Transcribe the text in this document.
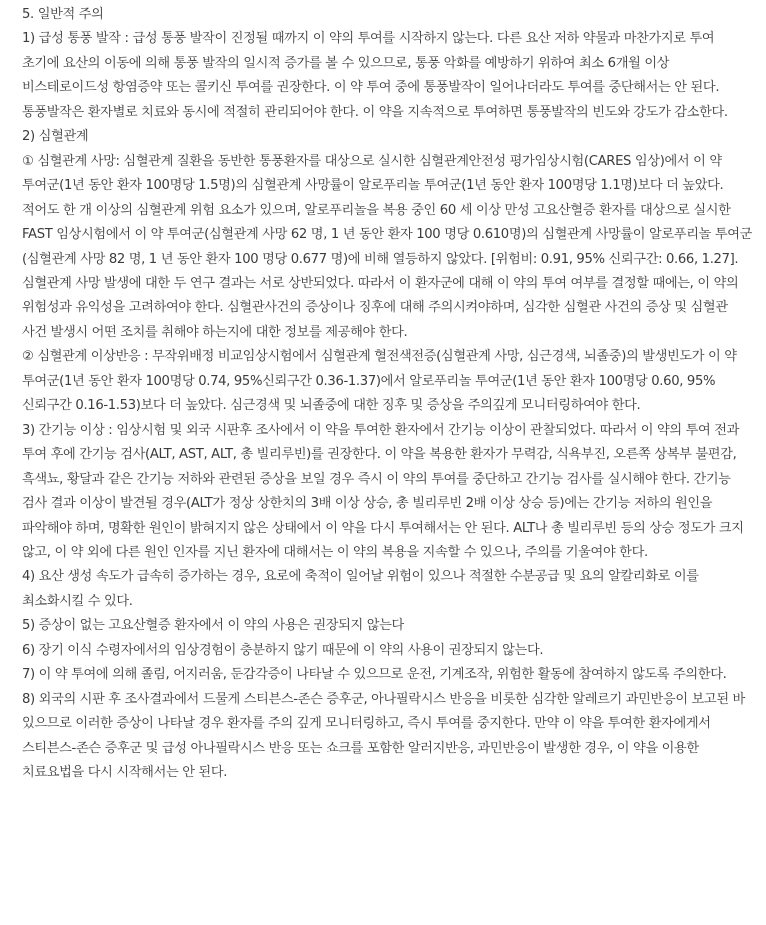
5. 일반적 주의

1) 급성 통풍 발작 : 급성 통풍 발작이 진정될 때까지 이 약의 투여를 시작하지 않는다. 다른 요산 저하 약물과 마찬가지로 투여 초기에 요산의 이동에 의해 통풍 발작의 일시적 증가를 볼 수 있으므로, 통풍 악화를 예방하기 위하여 최소 6개월 이상 비스테로이드성 항염증약 또는 콜키신 투여를 권장한다. 이 약 투여 중에 통풍발작이 일어나더라도 투여를 중단해서는 안 된다. 통풍발작은 환자별로 치료와 동시에 적절히 관리되어야 한다. 이 약을 지속적으로 투여하면 통풍발작의 빈도와 강도가 감소한다.

2) 심혈관계

① 심혈관계 사망: 심혈관계 질환을 동반한 통풍환자를 대상으로 실시한 심혈관계안전성 평가임상시험(CARES 임상)에서 이 약 투여군(1년 동안 환자 100명당 1.5명)의 심혈관계 사망률이 알로푸리놀 투여군(1년 동안 환자 100명당 1.1명)보다 더 높았다. 적어도 한 개 이상의 심혈관계 위험 요소가 있으며, 알로푸리놀을 복용 중인 60 세 이상 만성 고요산혈증 환자를 대상으로 실시한 FAST 임상시험에서 이 약 투여군(심혈관계 사망 62 명, 1 년 동안 환자 100 명당 0.610명)의 심혈관계 사망률이 알로푸리놀 투여군(심혈관계 사망 82 명, 1 년 동안 환자 100 명당 0.677 명)에 비해 열등하지 않았다. [위험비: 0.91, 95% 신뢰구간: 0.66, 1.27].

심혈관계 사망 발생에 대한 두 연구 결과는 서로 상반되었다. 따라서 이 환자군에 대해 이 약의 투여 여부를 결정할 때에는, 이 약의 위험성과 유익성을 고려하여야 한다. 심혈관사건의 증상이나 징후에 대해 주의시켜야하며, 심각한 심혈관 사건의 증상 및 심혈관 사건 발생시 어떤 조치를 취해야 하는지에 대한 정보를 제공해야 한다.

② 심혈관계 이상반응 : 무작위배정 비교임상시험에서 심혈관계 혈전색전증(심혈관계 사망, 심근경색, 뇌졸중)의 발생빈도가 이 약 투여군(1년 동안 환자 100명당 0.74, 95%신뢰구간 0.36-1.37)에서 알로푸리놀 투여군(1년 동안 환자 100명당 0.60, 95%신뢰구간 0.16-1.53)보다 더 높았다. 심근경색 및 뇌졸중에 대한 징후 및 증상을 주의깊게 모니터링하여야 한다.

3) 간기능 이상 : 임상시험 및 외국 시판후 조사에서 이 약을 투여한 환자에서 간기능 이상이 관찰되었다. 따라서 이 약의 투여 전과 투여 후에 간기능 검사(ALT, AST, ALT, 총 빌리루빈)를 권장한다. 이 약을 복용한 환자가 무력감, 식욕부진, 오른쪽 상복부 불편감, 흑색뇨, 황달과 같은 간기능 저하와 관련된 증상을 보일 경우 즉시 이 약의 투여를 중단하고 간기능 검사를 실시해야 한다. 간기능 검사 결과 이상이 발견될 경우(ALT가 정상 상한치의 3배 이상 상승, 총 빌리루빈 2배 이상 상승 등)에는 간기능 저하의 원인을 파악해야 하며, 명확한 원인이 밝혀지지 않은 상태에서 이 약을 다시 투여해서는 안 된다. ALT나 총 빌리루빈 등의 상승 정도가 크지 않고, 이 약 외에 다른 원인 인자를 지닌 환자에 대해서는 이 약의 복용을 지속할 수 있으나, 주의를 기울여야 한다.

4) 요산 생성 속도가 급속히 증가하는 경우, 요로에 축적이 일어날 위험이 있으나 적절한 수분공급 및 요의 알칼리화로 이를 최소화시킬 수 있다.

5) 증상이 없는 고요산혈증 환자에서 이 약의 사용은 권장되지 않는다

6) 장기 이식 수령자에서의 임상경험이 충분하지 않기 때문에 이 약의 사용이 권장되지 않는다.

7) 이 약 투여에 의해 졸림, 어지러움, 둔감각증이 나타날 수 있으므로 운전, 기계조작, 위험한 활동에 참여하지 않도록 주의한다.

8) 외국의 시판 후 조사결과에서 드물게 스티븐스-존슨 증후군, 아나필락시스 반응을 비롯한 심각한 알레르기 과민반응이 보고된 바 있으므로 이러한 증상이 나타날 경우 환자를 주의 깊게 모니터링하고, 즉시 투여를 중지한다. 만약 이 약을 투여한 환자에게서 스티븐스-존슨 증후군 및 급성 아나필락시스 반응 또는 쇼크를 포함한 알러지반응, 과민반응이 발생한 경우, 이 약을 이용한 치료요법을 다시 시작해서는 안 된다.
